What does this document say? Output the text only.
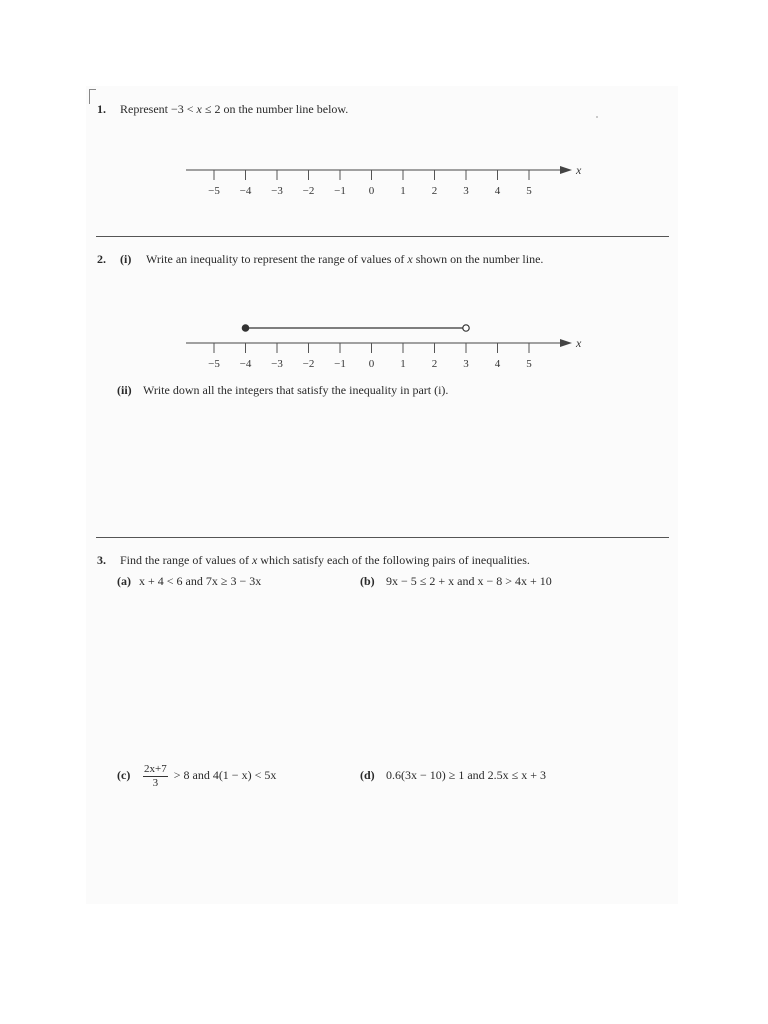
1. Represent −3 < x ≤ 2 on the number line below.
x
−5 −4 −3 −2 −1 0 1 2 3 4 5
2. (i) Write an inequality to represent the range of values of x shown on the number line.
x
−5 −4 −3 −2 −1 0 1 2 3 4 5
(ii) Write down all the integers that satisfy the inequality in part (i).
3. Find the range of values of x which satisfy each of the following pairs of inequalities.
(a) x + 4 < 6 and 7x ≥ 3 − 3x	(b) 9x − 5 ≤ 2 + x and x − 8 > 4x + 10
$(c) \frac{2x+7}{3} > 8$ and 4(1 − x) < 5x	(d) 0.6(3x − 10) ≥ 1 and 2.5x ≤ x + 3
